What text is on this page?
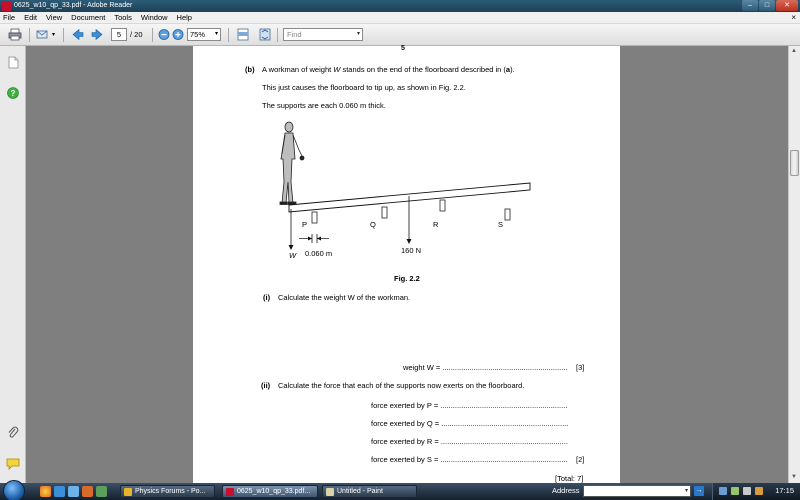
0625_w10_qp_33.pdf - Adobe Reader	–	□	✕
File Edit View Document Tools Window Help	×
▾	5	/ 20	75% ▾	Find	▾
?
5
(b) A workman of weight W stands on the end of the floorboard described in (a).
This just causes the floorboard to tip up, as shown in Fig. 2.2.
The supports are each 0.060 m thick.
P	Q	R	S
W 0.060 m	160 N
Fig. 2.2
(i) Calculate the weight W of the workman.
weight W = ............................................................ [3]
(ii) Calculate the force that each of the supports now exerts on the floorboard.
force exerted by P = .............................................................
force exerted by Q = .............................................................
force exerted by R = .............................................................
force exerted by S = ............................................................. [2]
[Total: 7]
▲
▼
Physics Forums - Po...	0625_w10_qp_33.pdf...	Untitled - Paint	Address	▾ →	17:15
